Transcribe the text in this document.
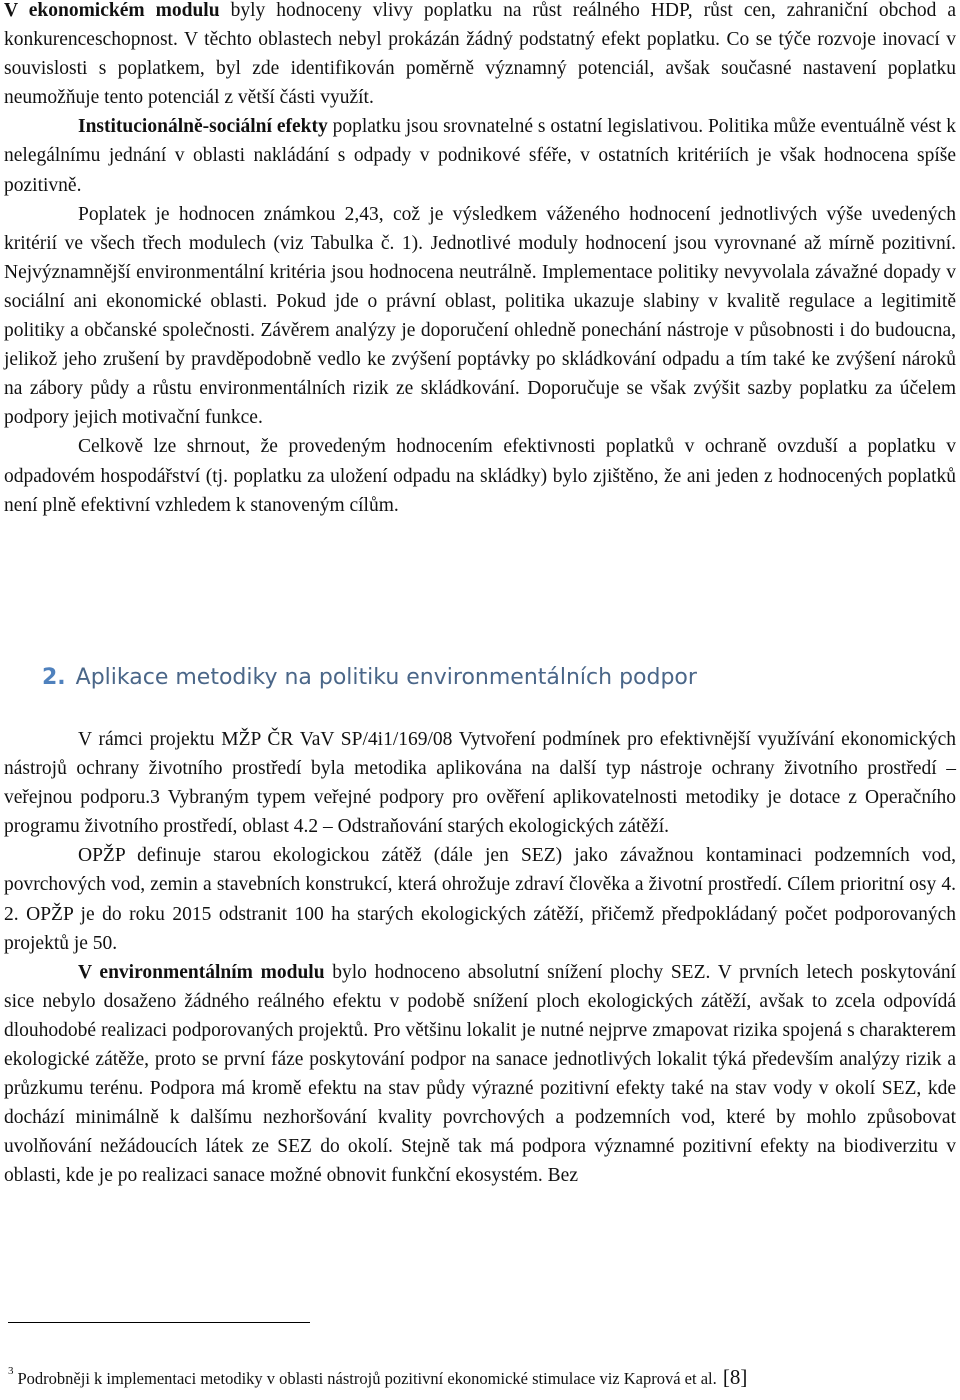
V ekonomickém modulu byly hodnoceny vlivy poplatku na růst reálného HDP, růst cen, zahraniční obchod a konkurenceschopnost. V těchto oblastech nebyl prokázán žádný podstatný efekt poplatku. Co se týče rozvoje inovací v souvislosti s poplatkem, byl zde identifikován poměrně významný potenciál, avšak současné nastavení poplatku neumožňuje tento potenciál z větší části využít.

Institucionálně-sociální efekty poplatku jsou srovnatelné s ostatní legislativou. Politika může eventuálně vést k nelegálnímu jednání v oblasti nakládání s odpady v podnikové sféře, v ostatních kritériích je však hodnocena spíše pozitivně.

Poplatek je hodnocen známkou 2,43, což je výsledkem váženého hodnocení jednotlivých výše uvedených kritérií ve všech třech modulech (viz Tabulka č. 1). Jednotlivé moduly hodnocení jsou vyrovnané až mírně pozitivní. Nejvýznamnější environmentální kritéria jsou hodnocena neutrálně. Implementace politiky nevyvolala závažné dopady v sociální ani ekonomické oblasti. Pokud jde o právní oblast, politika ukazuje slabiny v kvalitě regulace a legitimitě politiky a občanské společnosti. Závěrem analýzy je doporučení ohledně ponechání nástroje v působnosti i do budoucna, jelikož jeho zrušení by pravděpodobně vedlo ke zvýšení poptávky po skládkování odpadu a tím také ke zvýšení nároků na zábory půdy a růstu environmentálních rizik ze skládkování. Doporučuje se však zvýšit sazby poplatku za účelem podpory jejich motivační funkce.

Celkově lze shrnout, že provedeným hodnocením efektivnosti poplatků v ochraně ovzduší a poplatku v odpadovém hospodářství (tj. poplatku za uložení odpadu na skládky) bylo zjištěno, že ani jeden z hodnocených poplatků není plně efektivní vzhledem k stanoveným cílům.

2. Aplikace metodiky na politiku environmentálních podpor

V rámci projektu MŽP ČR VaV SP/4i1/169/08 Vytvoření podmínek pro efektivnější využívání ekonomických nástrojů ochrany životního prostředí byla metodika aplikována na další typ nástroje ochrany životního prostředí – veřejnou podporu.3 Vybraným typem veřejné podpory pro ověření aplikovatelnosti metodiky je dotace z Operačního programu životního prostředí, oblast 4.2 – Odstraňování starých ekologických zátěží.

OPŽP definuje starou ekologickou zátěž (dále jen SEZ) jako závažnou kontaminaci podzemních vod, povrchových vod, zemin a stavebních konstrukcí, která ohrožuje zdraví člověka a životní prostředí. Cílem prioritní osy 4. 2. OPŽP je do roku 2015 odstranit 100 ha starých ekologických zátěží, přičemž předpokládaný počet podporovaných projektů je 50.

V environmentálním modulu bylo hodnoceno absolutní snížení plochy SEZ. V prvních letech poskytování sice nebylo dosaženo žádného reálného efektu v podobě snížení ploch ekologických zátěží, avšak to zcela odpovídá dlouhodobé realizaci podporovaných projektů. Pro většinu lokalit je nutné nejprve zmapovat rizika spojená s charakterem ekologické zátěže, proto se první fáze poskytování podpor na sanace jednotlivých lokalit týká především analýzy rizik a průzkumu terénu. Podpora má kromě efektu na stav půdy výrazné pozitivní efekty také na stav vody v okolí SEZ, kde dochází minimálně k dalšímu nezhoršování kvality povrchových a podzemních vod, které by mohlo způsobovat uvolňování nežádoucích látek ze SEZ do okolí. Stejně tak má podpora významné pozitivní efekty na biodiverzitu v oblasti, kde je po realizaci sanace možné obnovit funkční ekosystém. Bez

$^3$ Podrobněji k implementaci metodiky v oblasti nástrojů pozitivní ekonomické stimulace viz Kaprová et al. [8]
